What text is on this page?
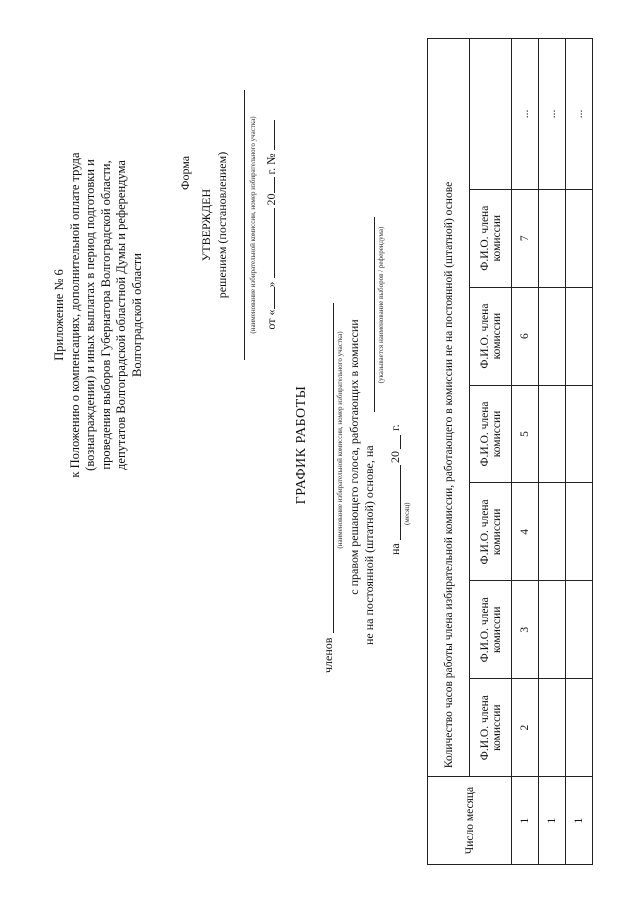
Приложение № 6 к Положению о компенсациях, дополнительной оплате труда (вознаграждении) и иных выплатах в период подготовки и проведения выборов Губернатора Волгоградской области, депутатов Волгоградской областной Думы и референдума Волгоградской области
Форма
УТВЕРЖДЕН решением (постановлением)	(наименование избирательной комиссии, номер избирательного участка) от «»  20 г. №
ГРАФИК РАБОТЫ
членов
(наименование избирательной комиссии, номер избирательного участка) с правом решающего голоса, работающих в комиссии не на постоянной (штатной) основе, на
(указывается наименование выборов / референдума)
на
20
г.
(месяц)
Число месяца	Количество часов работы члена избирательной комиссии, работающего в комиссии не на постоянной (штатной) основе						
	Ф.И.О. члена комиссии	Ф.И.О. члена комиссии	Ф.И.О. члена комиссии	Ф.И.О. члена комиссии	Ф.И.О. члена комиссии	Ф.И.О. члена комиссии	
1	2	3	4	5	6	7	...
1							...
1							...
